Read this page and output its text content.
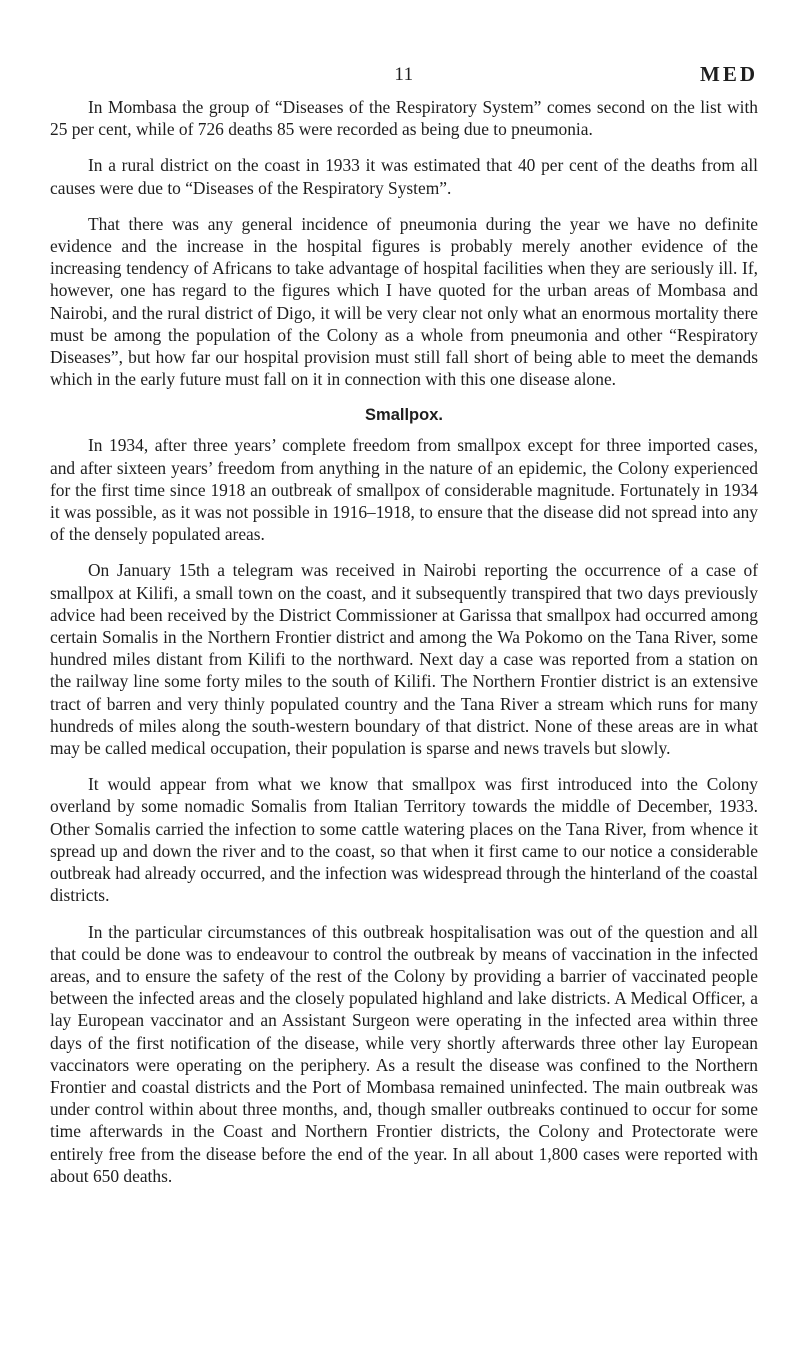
11	MED

In Mombasa the group of “Diseases of the Respiratory System” comes second on the list with 25 per cent, while of 726 deaths 85 were recorded as being due to pneumonia.

In a rural district on the coast in 1933 it was estimated that 40 per cent of the deaths from all causes were due to “Diseases of the Respiratory System”.

That there was any general incidence of pneumonia during the year we have no definite evidence and the increase in the hospital figures is probably merely another evidence of the increasing tendency of Africans to take advantage of hospital facilities when they are seriously ill. If, however, one has regard to the figures which I have quoted for the urban areas of Mombasa and Nairobi, and the rural district of Digo, it will be very clear not only what an enormous mortality there must be among the population of the Colony as a whole from pneumonia and other “Respiratory Diseases”, but how far our hospital provision must still fall short of being able to meet the demands which in the early future must fall on it in connection with this one disease alone.

Smallpox.

In 1934, after three years’ complete freedom from smallpox except for three imported cases, and after sixteen years’ freedom from anything in the nature of an epidemic, the Colony experienced for the first time since 1918 an outbreak of smallpox of considerable magnitude. Fortunately in 1934 it was possible, as it was not possible in 1916–1918, to ensure that the disease did not spread into any of the densely populated areas.

On January 15th a telegram was received in Nairobi reporting the occurrence of a case of smallpox at Kilifi, a small town on the coast, and it subsequently transpired that two days previously advice had been received by the District Commissioner at Garissa that smallpox had occurred among certain Somalis in the Northern Frontier district and among the Wa Pokomo on the Tana River, some hundred miles distant from Kilifi to the northward. Next day a case was reported from a station on the railway line some forty miles to the south of Kilifi. The Northern Frontier district is an extensive tract of barren and very thinly populated country and the Tana River a stream which runs for many hundreds of miles along the south-western boundary of that district. None of these areas are in what may be called medical occupation, their population is sparse and news travels but slowly.

It would appear from what we know that smallpox was first introduced into the Colony overland by some nomadic Somalis from Italian Territory towards the middle of December, 1933. Other Somalis carried the infection to some cattle watering places on the Tana River, from whence it spread up and down the river and to the coast, so that when it first came to our notice a considerable outbreak had already occurred, and the infection was widespread through the hinterland of the coastal districts.

In the particular circumstances of this outbreak hospitalisation was out of the question and all that could be done was to endeavour to control the outbreak by means of vaccination in the infected areas, and to ensure the safety of the rest of the Colony by providing a barrier of vaccinated people between the infected areas and the closely populated highland and lake districts. A Medical Officer, a lay European vaccinator and an Assistant Surgeon were operating in the infected area within three days of the first notification of the disease, while very shortly afterwards three other lay European vaccinators were operating on the periphery. As a result the disease was confined to the Northern Frontier and coastal districts and the Port of Mombasa remained uninfected. The main outbreak was under control within about three months, and, though smaller outbreaks continued to occur for some time afterwards in the Coast and Northern Frontier districts, the Colony and Protectorate were entirely free from the disease before the end of the year. In all about 1,800 cases were reported with about 650 deaths.
